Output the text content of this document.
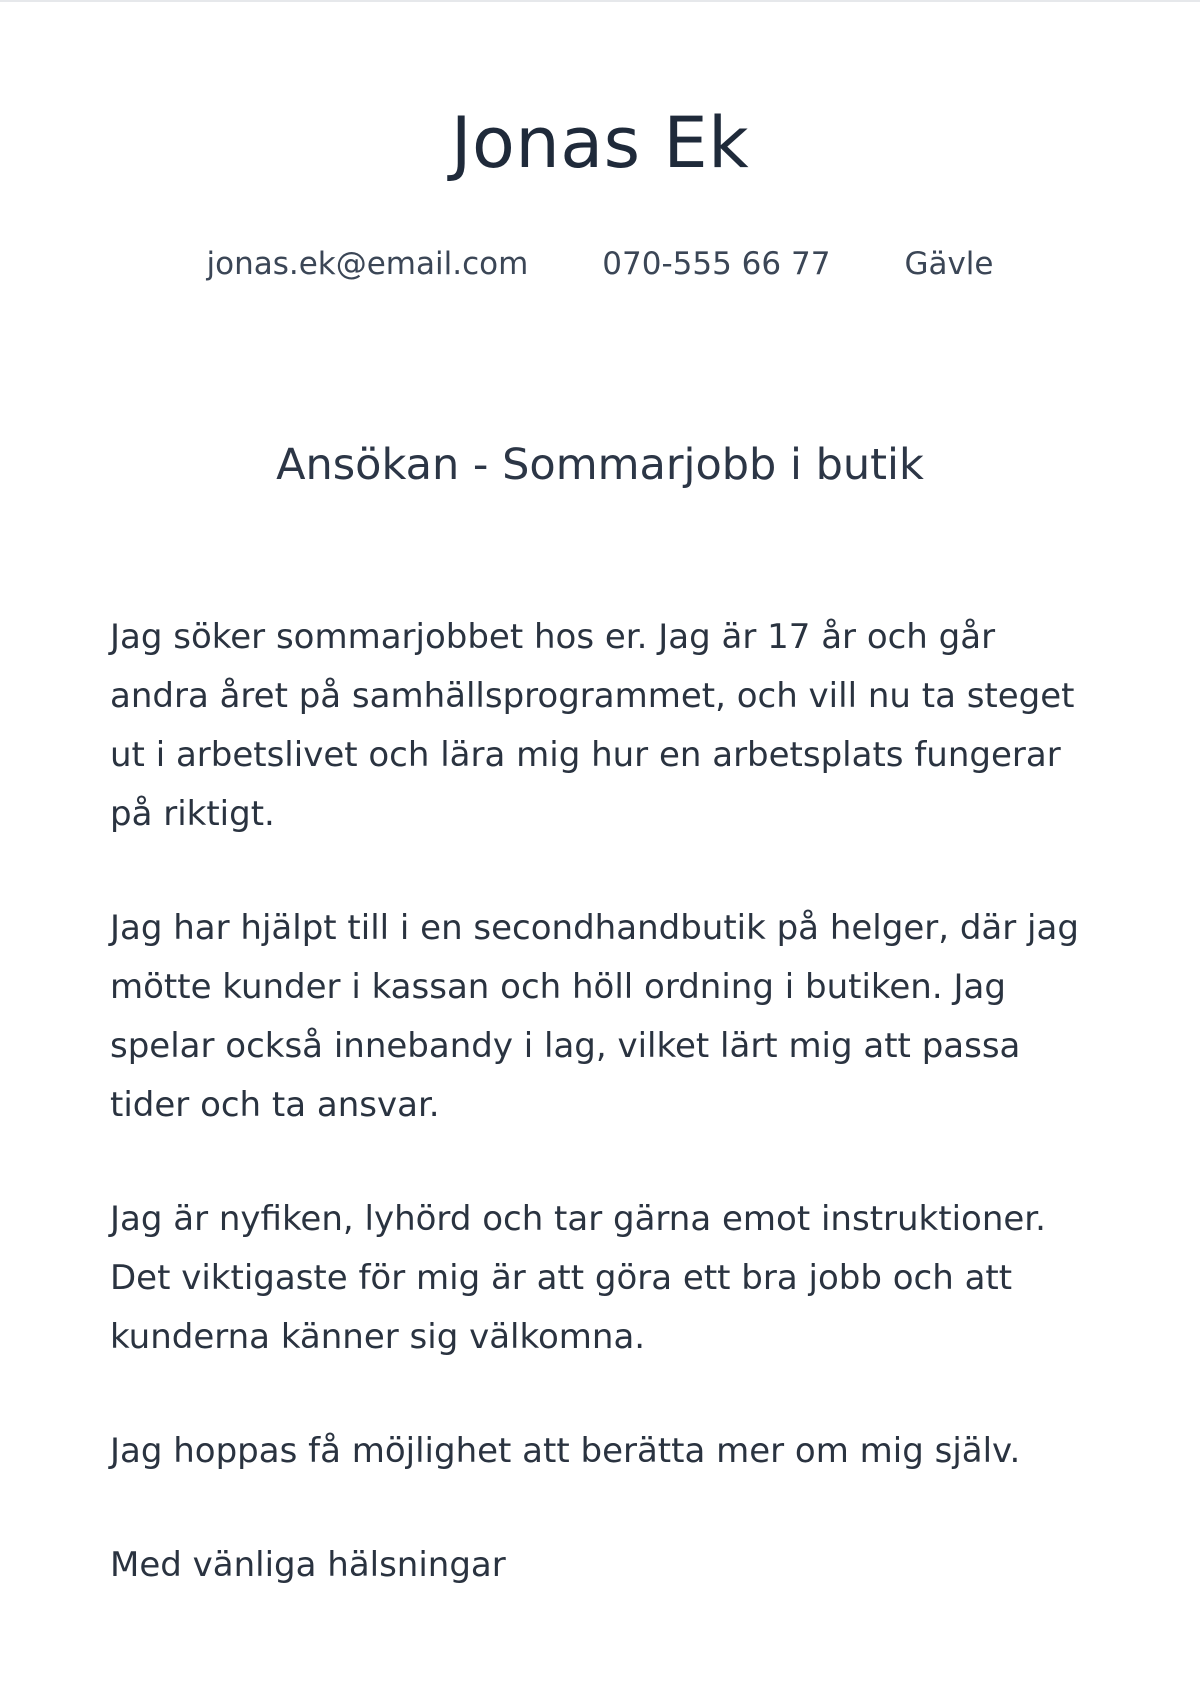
Jonas Ek
jonas.ek@email.com 070-555 66 77 Gävle
Ansökan - Sommarjobb i butik

Jag söker sommarjobbet hos er. Jag är 17 år och går andra året på samhällsprogrammet, och vill nu ta steget ut i arbetslivet och lära mig hur en arbetsplats fungerar på riktigt.

Jag har hjälpt till i en secondhandbutik på helger, där jag mötte kunder i kassan och höll ordning i butiken. Jag spelar också innebandy i lag, vilket lärt mig att passa tider och ta ansvar.

Jag är nyfiken, lyhörd och tar gärna emot instruktioner. Det viktigaste för mig är att göra ett bra jobb och att kunderna känner sig välkomna.

Jag hoppas få möjlighet att berätta mer om mig själv.

Med vänliga hälsningar
